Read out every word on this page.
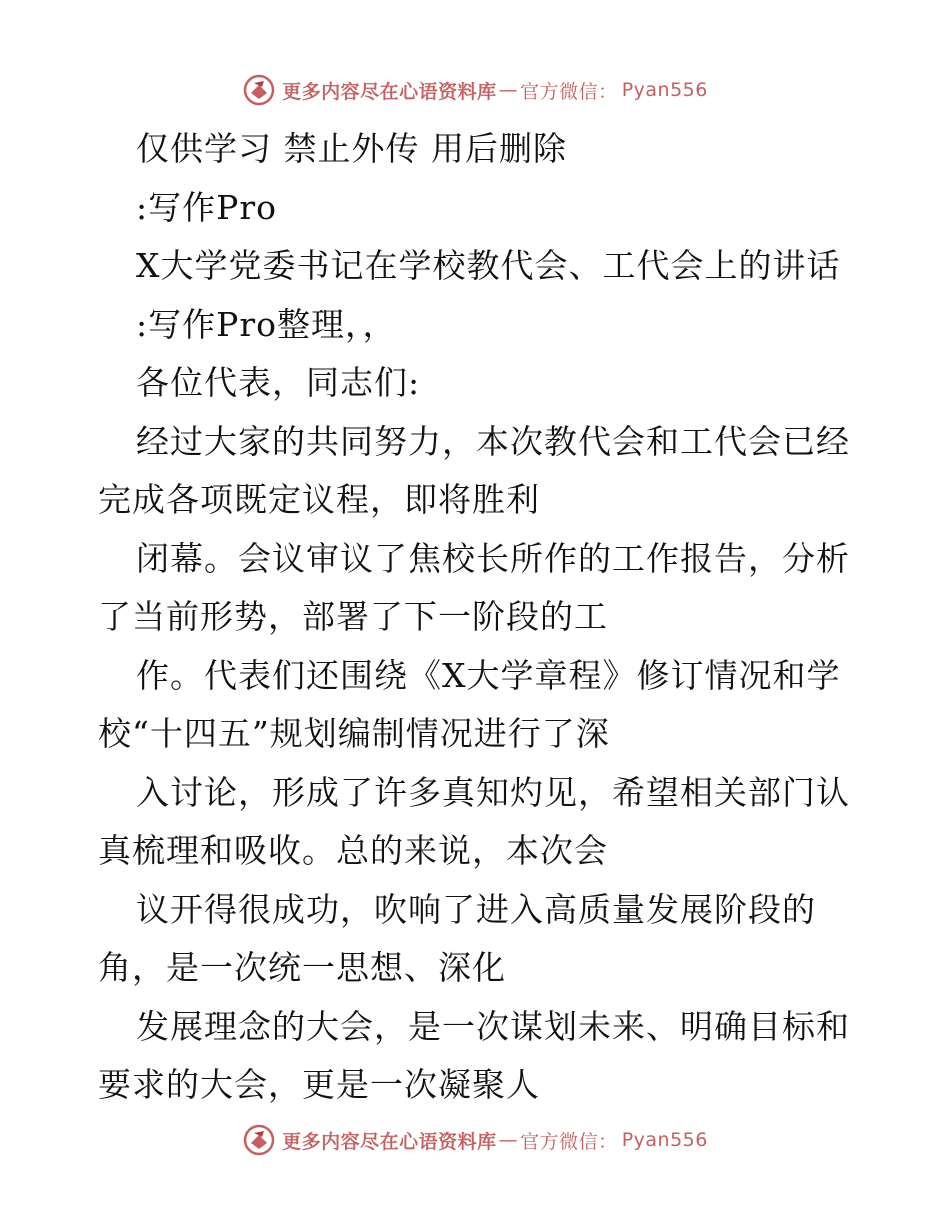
更多内容尽在心语资料库 — 官方微信： Pyan556
仅供学习 禁止外传 用后删除
:写作Pro
X大学党委书记在学校教代会、工代会上的讲话
:写作Pro整理，，
各位代表，同志们:
经过大家的共同努力，本次教代会和工代会已经
完成各项既定议程，即将胜利
闭幕。会议审议了焦校长所作的工作报告，分析
了当前形势，部署了下一阶段的工
作。代表们还围绕《X大学章程》修订情况和学
校“十四五”规划编制情况进行了深
入讨论，形成了许多真知灼见，希望相关部门认
真梳理和吸收。总的来说，本次会
议开得很成功，吹响了进入高质量发展阶段的
角，是一次统一思想、深化
发展理念的大会，是一次谋划未来、明确目标和
要求的大会，更是一次凝聚人
更多内容尽在心语资料库 — 官方微信： Pyan556
